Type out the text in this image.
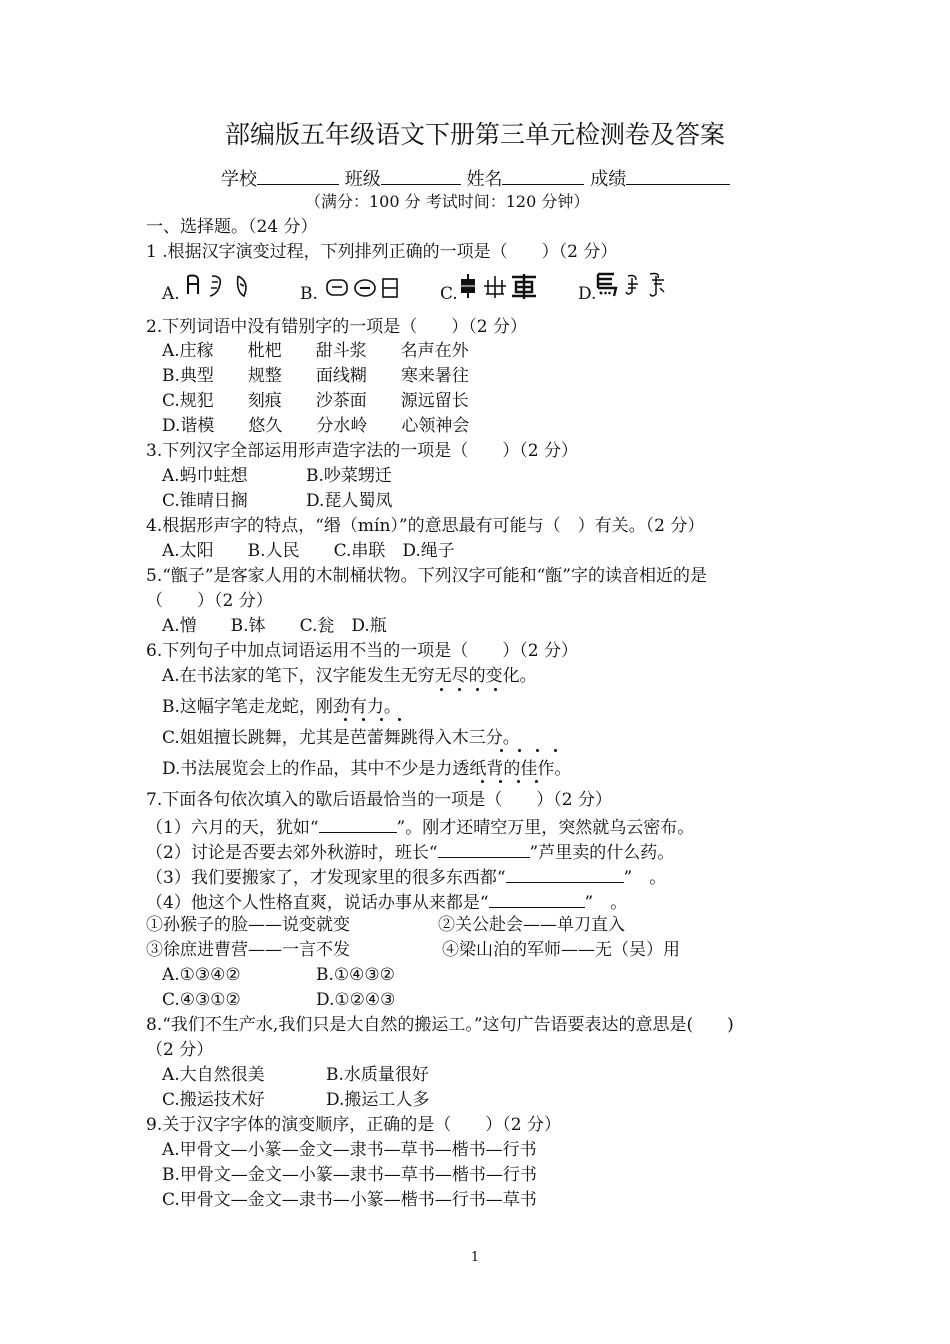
部编版五年级语文下册第三单元检测卷及答案
学校	班级	姓名	成绩
（满分：100 分 考试时间：120 分钟）
一、选择题。（24 分）
1 .根据汉字演变过程，下列排列正确的一项是（　　）（2 分）
A.	B.	C.	D.
2.下列词语中没有错别字的一项是（　　）（2 分）
A.庄稼　　枇杷　　甜斗浆　　名声在外
B.典型　　规整　　面线糊　　寒来暑往
C.规犯　　刻痕　　沙茶面　　源远留长
D.谐模　　悠久　　分水岭　　心领神会
3.下列汉字全部运用形声造字法的一项是（　　）（2 分）
A.蚂巾蛀想	B.吵菜甥迁
C.锥晴日搁	D.琵人蜀凤
4.根据形声字的特点，“缗（mín）”的意思最有可能与（　）有关。（2 分）
A.太阳　　B.人民　　C.串联　D.绳子
5.“甑子”是客家人用的木制桶状物。下列汉字可能和“甑”字的读音相近的是
（　　）（2 分）
A.憎　　B.钵　　C.瓮　D.瓶
6.下列句子中加点词语运用不当的一项是（　　）（2 分）
A.在书法家的笔下，汉字能发生无穷无尽的变化。
B.这幅字笔走龙蛇，刚劲有力。
C.姐姐擅长跳舞，尤其是芭蕾舞跳得入木三分。
D.书法展览会上的作品，其中不少是力透纸背的佳作。
7.下面各句依次填入的歇后语最恰当的一项是（　　）（2 分）
（1）六月的天，犹如“	”。刚才还晴空万里，突然就乌云密布。
（2）讨论是否要去郊外秋游时，班长“	”芦里卖的什么药。
（3）我们要搬家了，才发现家里的很多东西都“	”　。
（4）他这个人性格直爽，说话办事从来都是“	”　。
①孙猴子的脸——说变就变	②关公赴会——单刀直入
③徐庶进曹营——一言不发	④梁山泊的军师——无（吴）用
A.①③④②	B.①④③②
C.④③①②	D.①②④③
8.“我们不生产水,我们只是大自然的搬运工。”这句广告语要表达的意思是(　　)
（2 分）
A.大自然很美	B.水质量很好
C.搬运技术好	D.搬运工人多
9.关于汉字字体的演变顺序，正确的是（　　）（2 分）
A.甲骨文—小篆—金文—隶书—草书—楷书—行书
B.甲骨文—金文—小篆—隶书—草书—楷书—行书
C.甲骨文—金文—隶书—小篆—楷书—行书—草书
1
